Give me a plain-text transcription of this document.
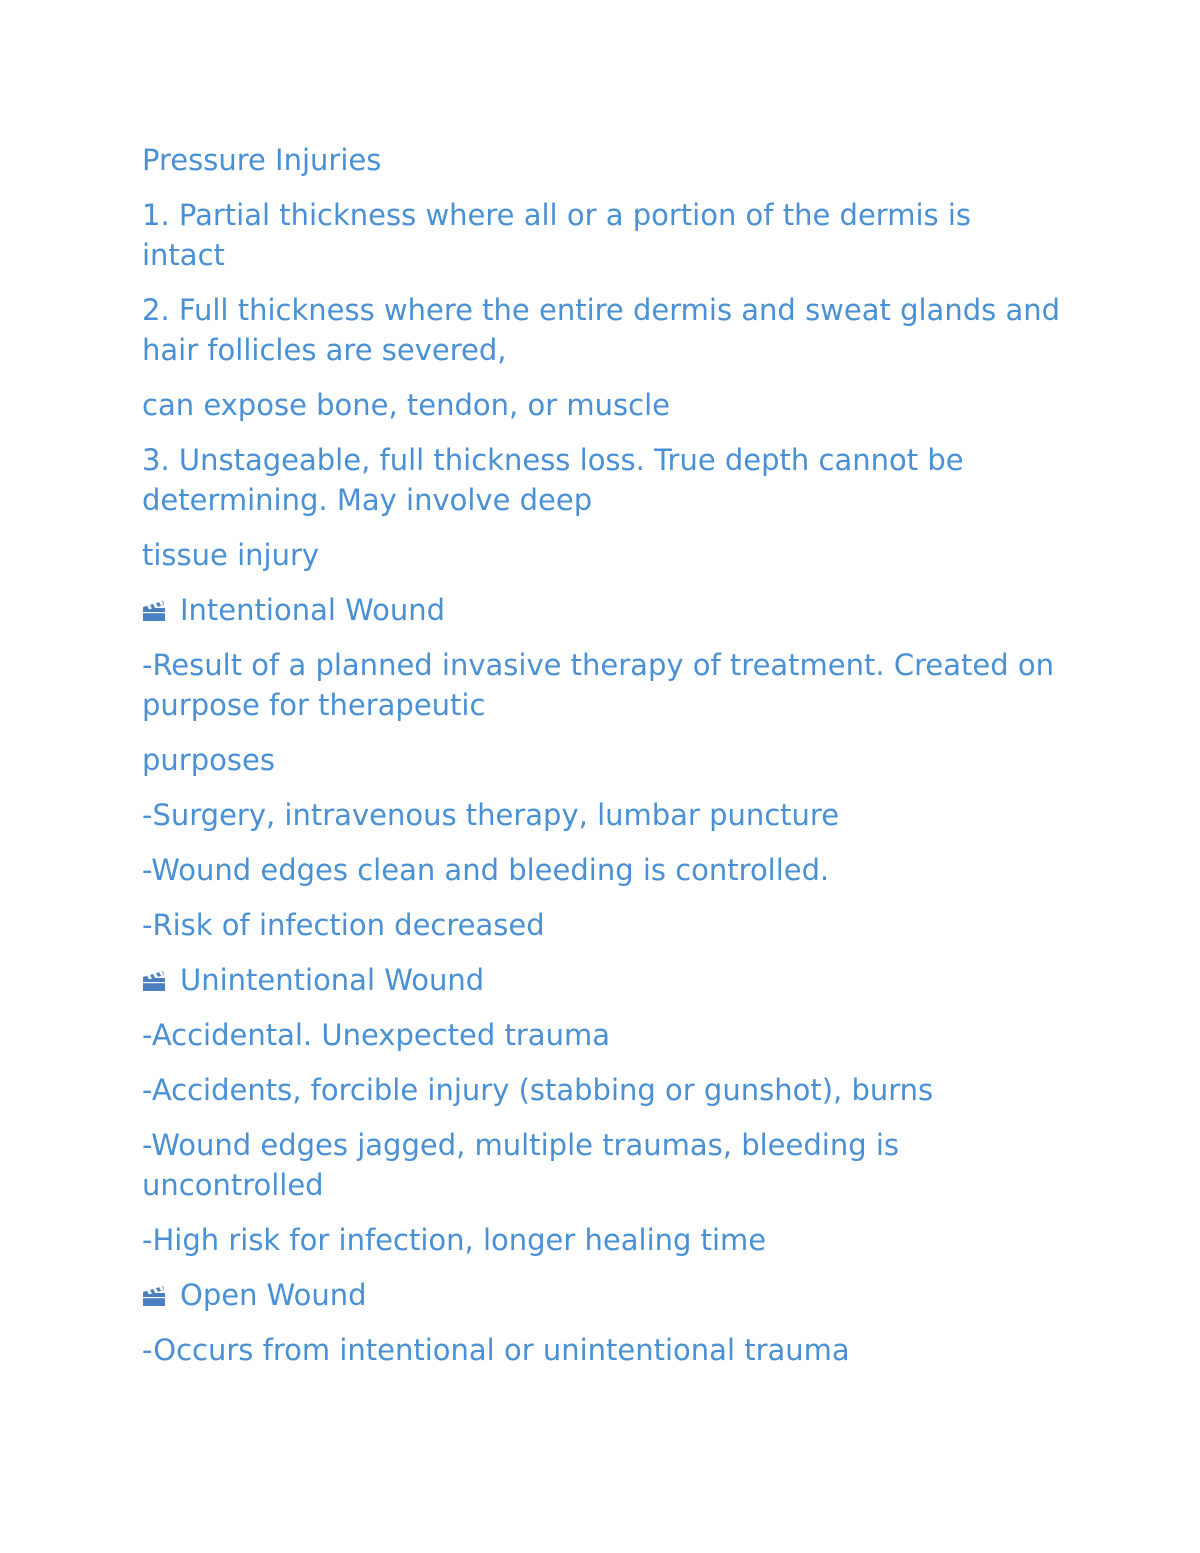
Pressure Injuries

1. Partial thickness where all or a portion of the dermis is intact

2. Full thickness where the entire dermis and sweat glands and hair follicles are severed,

can expose bone, tendon, or muscle

3. Unstageable, full thickness loss. True depth cannot be determining. May involve deep

tissue injury

Intentional Wound

-Result of a planned invasive therapy of treatment. Created on purpose for therapeutic

purposes

-Surgery, intravenous therapy, lumbar puncture

-Wound edges clean and bleeding is controlled.

-Risk of infection decreased

Unintentional Wound

-Accidental. Unexpected trauma

-Accidents, forcible injury (stabbing or gunshot), burns

-Wound edges jagged, multiple traumas, bleeding is uncontrolled

-High risk for infection, longer healing time

Open Wound

-Occurs from intentional or unintentional trauma
